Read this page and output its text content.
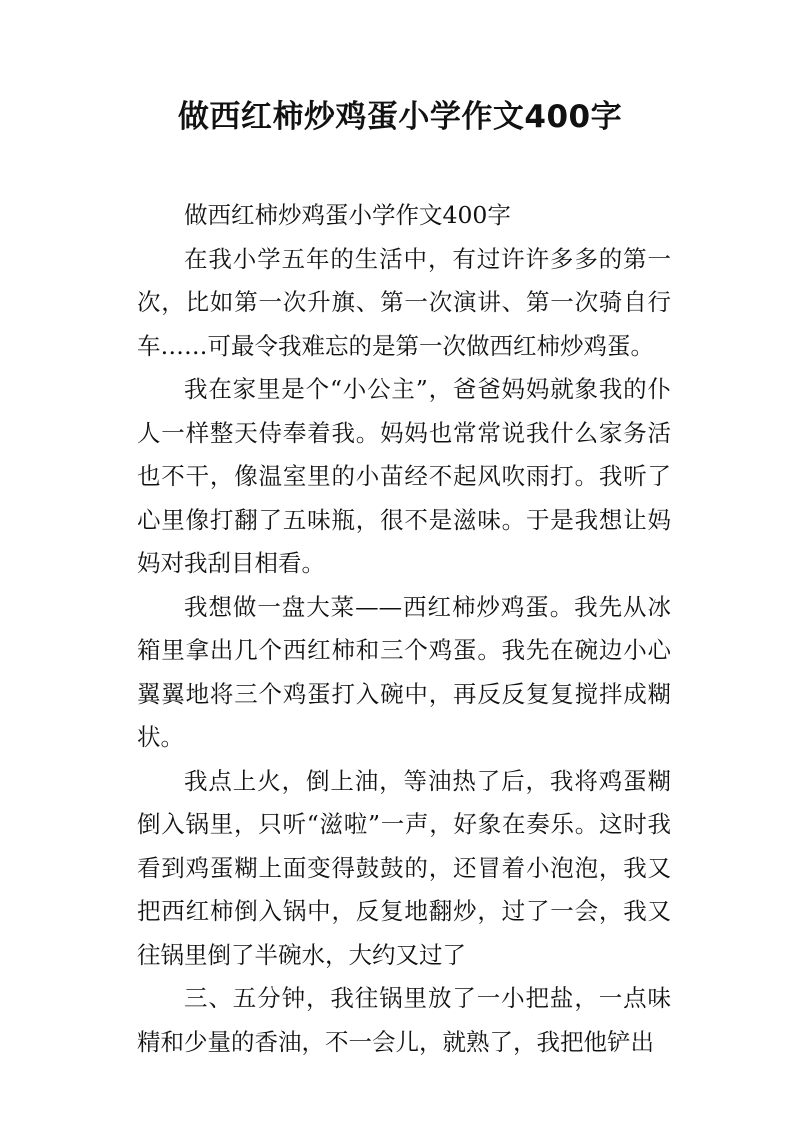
做西红柿炒鸡蛋小学作文400字

做西红柿炒鸡蛋小学作文400字

在我小学五年的生活中，有过许许多多的第一次，比如第一次升旗、第一次演讲、第一次骑自行车……可最令我难忘的是第一次做西红柿炒鸡蛋。

我在家里是个“小公主”，爸爸妈妈就象我的仆人一样整天侍奉着我。妈妈也常常说我什么家务活也不干，像温室里的小苗经不起风吹雨打。我听了心里像打翻了五味瓶，很不是滋味。于是我想让妈妈对我刮目相看。

我想做一盘大菜——西红柿炒鸡蛋。我先从冰箱里拿出几个西红柿和三个鸡蛋。我先在碗边小心翼翼地将三个鸡蛋打入碗中，再反反复复搅拌成糊状。

我点上火，倒上油，等油热了后，我将鸡蛋糊倒入锅里，只听“滋啦”一声，好象在奏乐。这时我看到鸡蛋糊上面变得鼓鼓的，还冒着小泡泡，我又把西红柿倒入锅中，反复地翻炒，过了一会，我又往锅里倒了半碗水，大约又过了

三、五分钟，我往锅里放了一小把盐，一点味精和少量的香油，不一会儿，就熟了，我把他铲出
